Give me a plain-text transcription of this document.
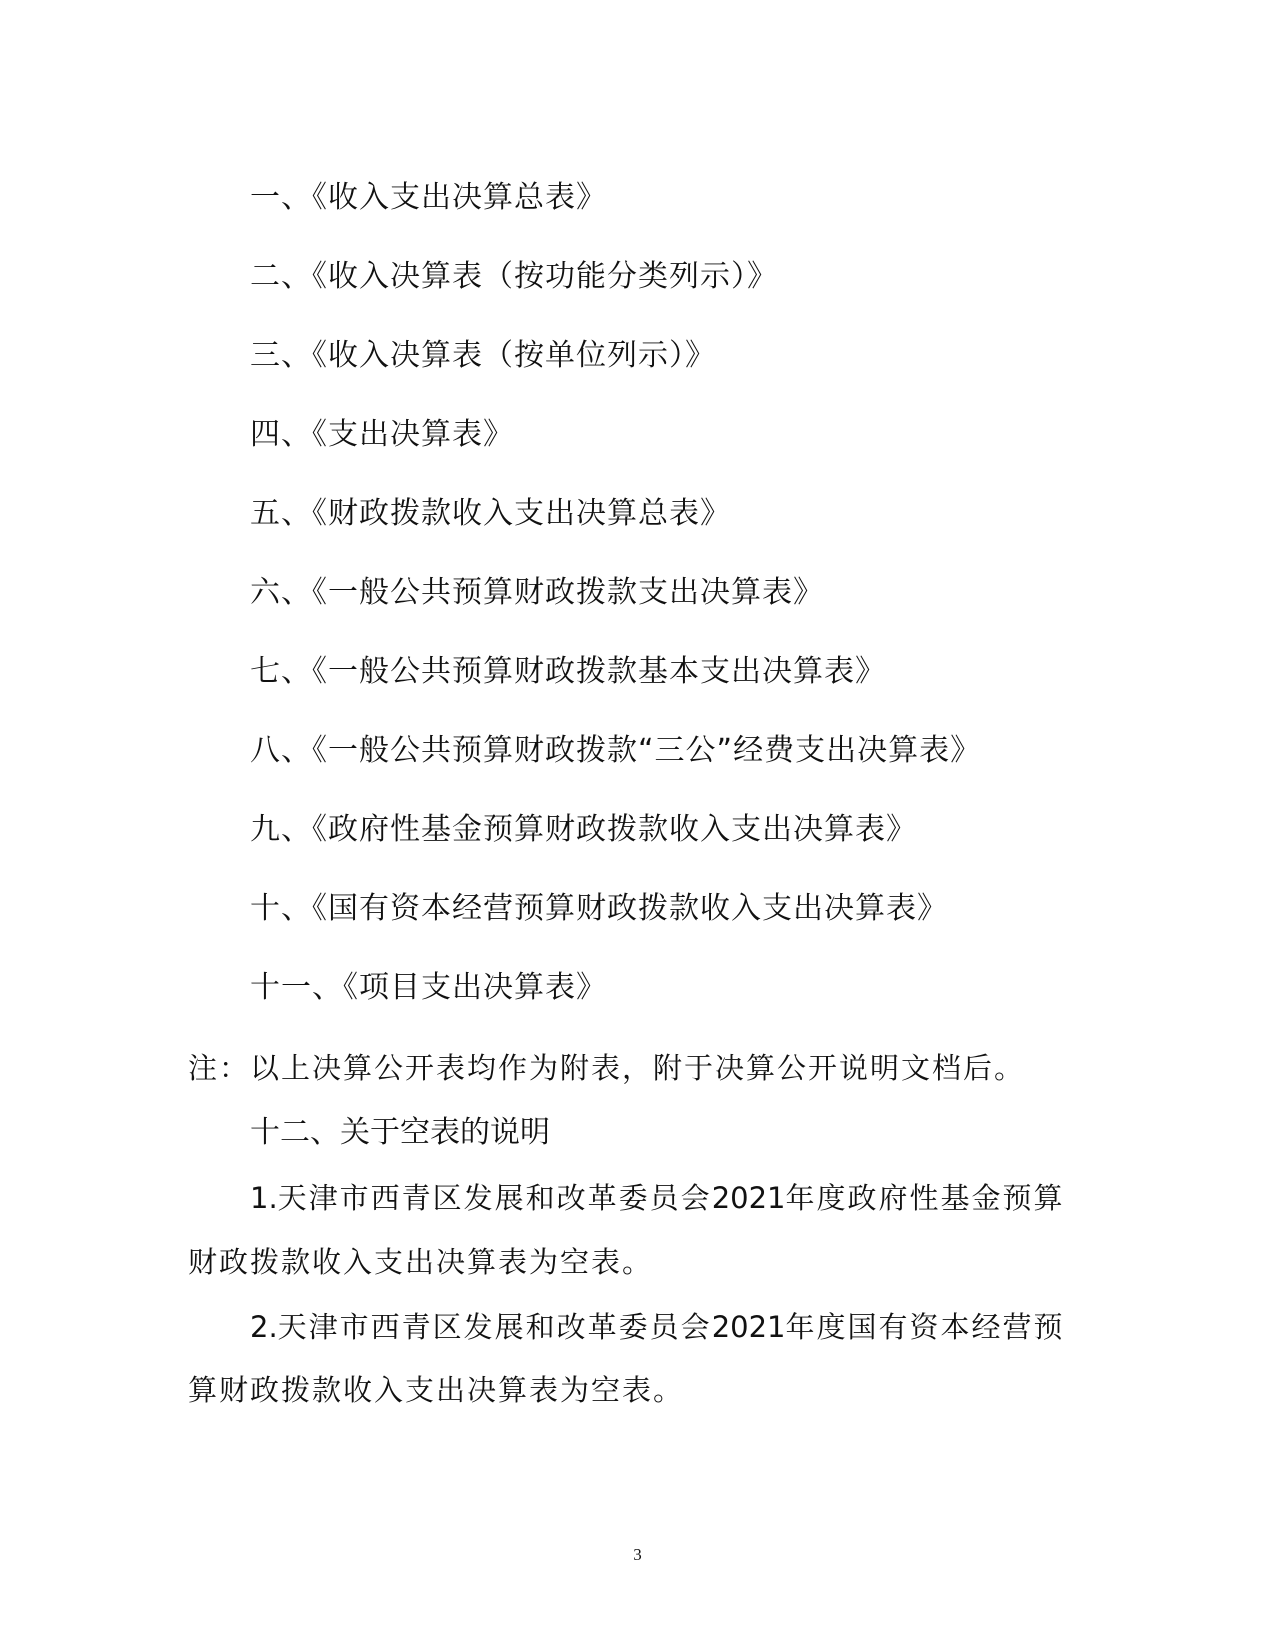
一、《收入支出决算总表》
二、《收入决算表（按功能分类列示）》
三、《收入决算表（按单位列示）》
四、《支出决算表》
五、《财政拨款收入支出决算总表》
六、《一般公共预算财政拨款支出决算表》
七、《一般公共预算财政拨款基本支出决算表》
八、《一般公共预算财政拨款“三公”经费支出决算表》
九、《政府性基金预算财政拨款收入支出决算表》
十、《国有资本经营预算财政拨款收入支出决算表》
十一、《项目支出决算表》
注：以上决算公开表均作为附表，附于决算公开说明文档后。
十二、关于空表的说明
1.天津市西青区发展和改革委员会2021年度政府性基金预算
财政拨款收入支出决算表为空表。
2.天津市西青区发展和改革委员会2021年度国有资本经营预
算财政拨款收入支出决算表为空表。
3
